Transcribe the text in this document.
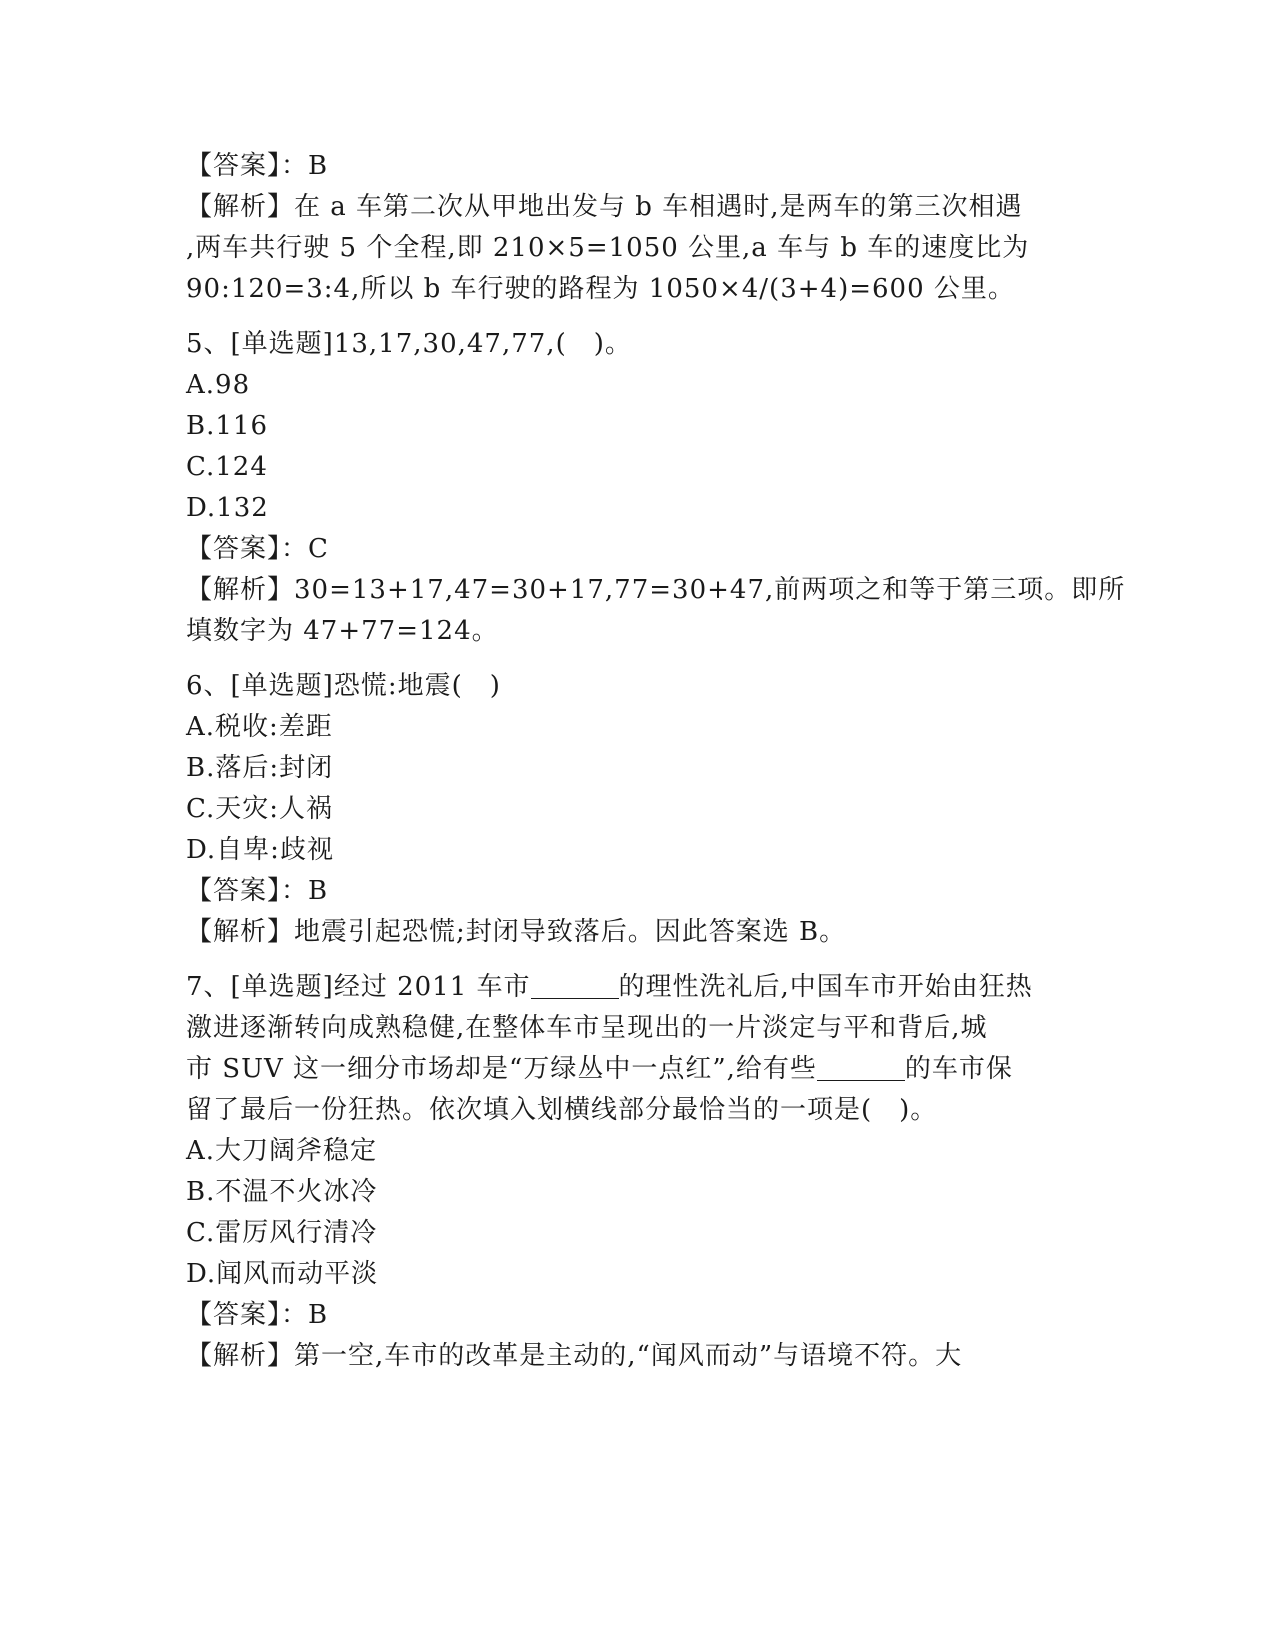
【答案】：B
【解析】在 a 车第二次从甲地出发与 b 车相遇时,是两车的第三次相遇
,两车共行驶 5 个全程,即 210×5=1050 公里,a 车与 b 车的速度比为
90:120=3:4,所以 b 车行驶的路程为 1050×4/(3+4)=600 公里。
5、[单选题]13,17,30,47,77,(　)。
A.98
B.116
C.124
D.132
【答案】：C
【解析】30=13+17,47=30+17,77=30+47,前两项之和等于第三项。即所
填数字为 47+77=124。
6、[单选题]恐慌:地震(　)
A.税收:差距
B.落后:封闭
C.天灾:人祸
D.自卑:歧视
【答案】：B
【解析】地震引起恐慌;封闭导致落后。因此答案选 B。
7、[单选题]经过 2011 车市	的理性洗礼后,中国车市开始由狂热
激进逐渐转向成熟稳健,在整体车市呈现出的一片淡定与平和背后,城
市 SUV 这一细分市场却是“万绿丛中一点红”,给有些	的车市保
留了最后一份狂热。依次填入划横线部分最恰当的一项是(　)。
A.大刀阔斧稳定
B.不温不火冰冷
C.雷厉风行清冷
D.闻风而动平淡
【答案】：B
【解析】第一空,车市的改革是主动的,“闻风而动”与语境不符。大
